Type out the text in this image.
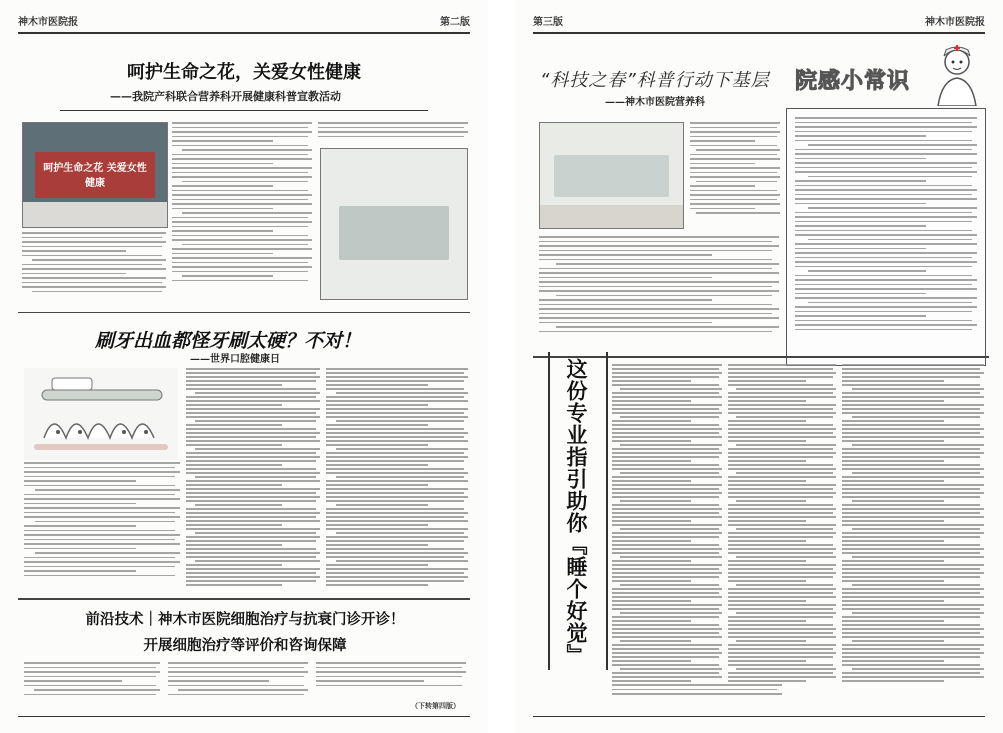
神木市医院报	第二版
呵护生命之花，关爱女性健康
——我院产科联合营养科开展健康科普宣教活动
呵护生命之花 关爱女性健康
刷牙出血都怪牙刷太硬？不对！
——世界口腔健康日
前沿技术｜神木市医院细胞治疗与抗衰门诊开诊！
开展细胞治疗等评价和咨询保障
（下转第四版）
第三版	神木市医院报
“科技之春”科普行动下基层
——神木市医院营养科
院感小常识
这份专业指引助你『睡个好觉』
